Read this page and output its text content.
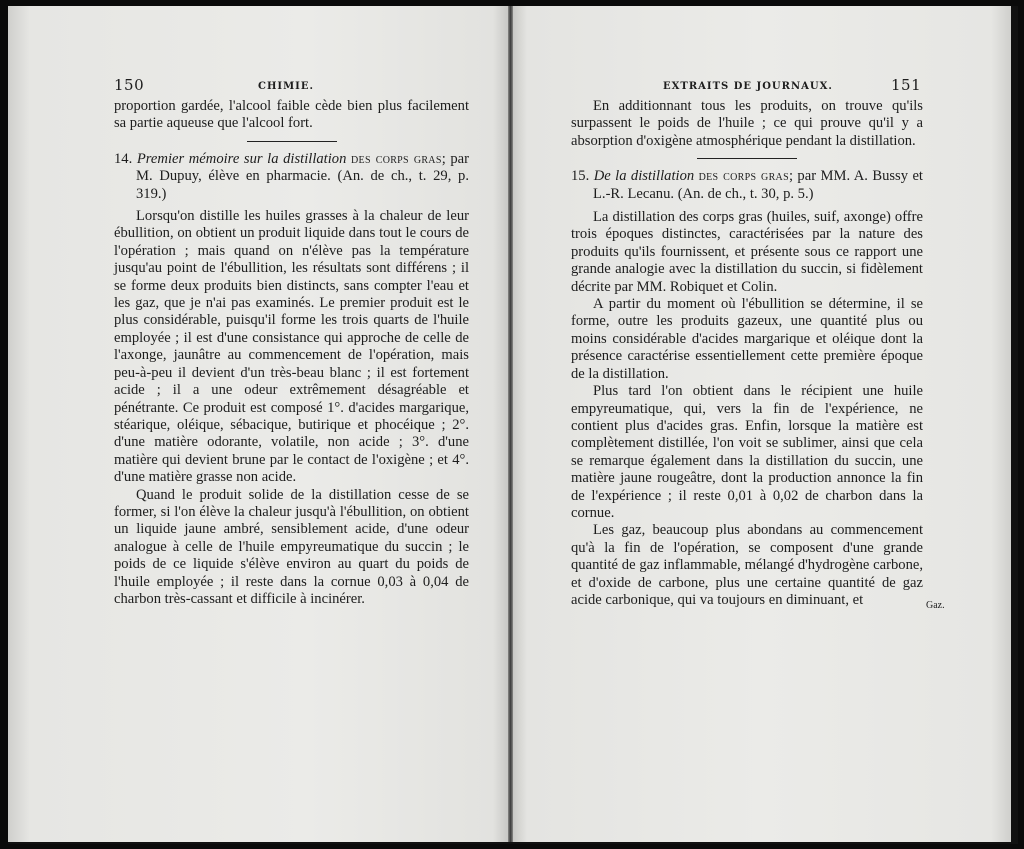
150	CHIMIE.

proportion gardée, l'alcool faible cède bien plus facilement sa partie aqueuse que l'alcool fort.

14. Premier mémoire sur la distillation des corps gras; par M. Dupuy, élève en pharmacie. (An. de ch., t. 29, p. 319.)

Lorsqu'on distille les huiles grasses à la chaleur de leur ébullition, on obtient un produit liquide dans tout le cours de l'opération ; mais quand on n'élève pas la température jusqu'au point de l'ébullition, les résultats sont différens ; il se forme deux produits bien distincts, sans compter l'eau et les gaz, que je n'ai pas examinés. Le premier produit est le plus considérable, puisqu'il forme les trois quarts de l'huile employée ; il est d'une consistance qui approche de celle de l'axonge, jaunâtre au commencement de l'opération, mais peu-à-peu il devient d'un très-beau blanc ; il est fortement acide ; il a une odeur extrêmement désagréable et pénétrante. Ce produit est composé 1°. d'acides margarique, stéarique, oléique, sébacique, butirique et phocéique ; 2°. d'une matière odorante, volatile, non acide ; 3°. d'une matière qui devient brune par le contact de l'oxigène ; et 4°. d'une matière grasse non acide.

Quand le produit solide de la distillation cesse de se former, si l'on élève la chaleur jusqu'à l'ébullition, on obtient un liquide jaune ambré, sensiblement acide, d'une odeur analogue à celle de l'huile empyreumatique du succin ; le poids de ce liquide s'élève environ au quart du poids de l'huile employée ; il reste dans la cornue 0,03 à 0,04 de charbon très-cassant et difficile à incinérer.

EXTRAITS DE JOURNAUX.	151

En additionnant tous les produits, on trouve qu'ils surpassent le poids de l'huile ; ce qui prouve qu'il y a absorption d'oxigène atmosphérique pendant la distillation.

15. De la distillation des corps gras; par MM. A. Bussy et L.-R. Lecanu. (An. de ch., t. 30, p. 5.)

La distillation des corps gras (huiles, suif, axonge) offre trois époques distinctes, caractérisées par la nature des produits qu'ils fournissent, et présente sous ce rapport une grande analogie avec la distillation du succin, si fidèlement décrite par MM. Robiquet et Colin.

A partir du moment où l'ébullition se détermine, il se forme, outre les produits gazeux, une quantité plus ou moins considérable d'acides margarique et oléique dont la présence caractérise essentiellement cette première époque de la distillation.

Plus tard l'on obtient dans le récipient une huile empyreumatique, qui, vers la fin de l'expérience, ne contient plus d'acides gras. Enfin, lorsque la matière est complètement distillée, l'on voit se sublimer, ainsi que cela se remarque également dans la distillation du succin, une matière jaune rougeâtre, dont la production annonce la fin de l'expérience ; il reste 0,01 à 0,02 de charbon dans la cornue.

Les gaz, beaucoup plus abondans au commencement qu'à la fin de l'opération, se composent d'une grande quantité de gaz inflammable, mélangé d'hydrogène carbone, et d'oxide de carbone, plus une certaine quantité de gaz acide carbonique, qui va toujours en diminuant, et	Gaz.
